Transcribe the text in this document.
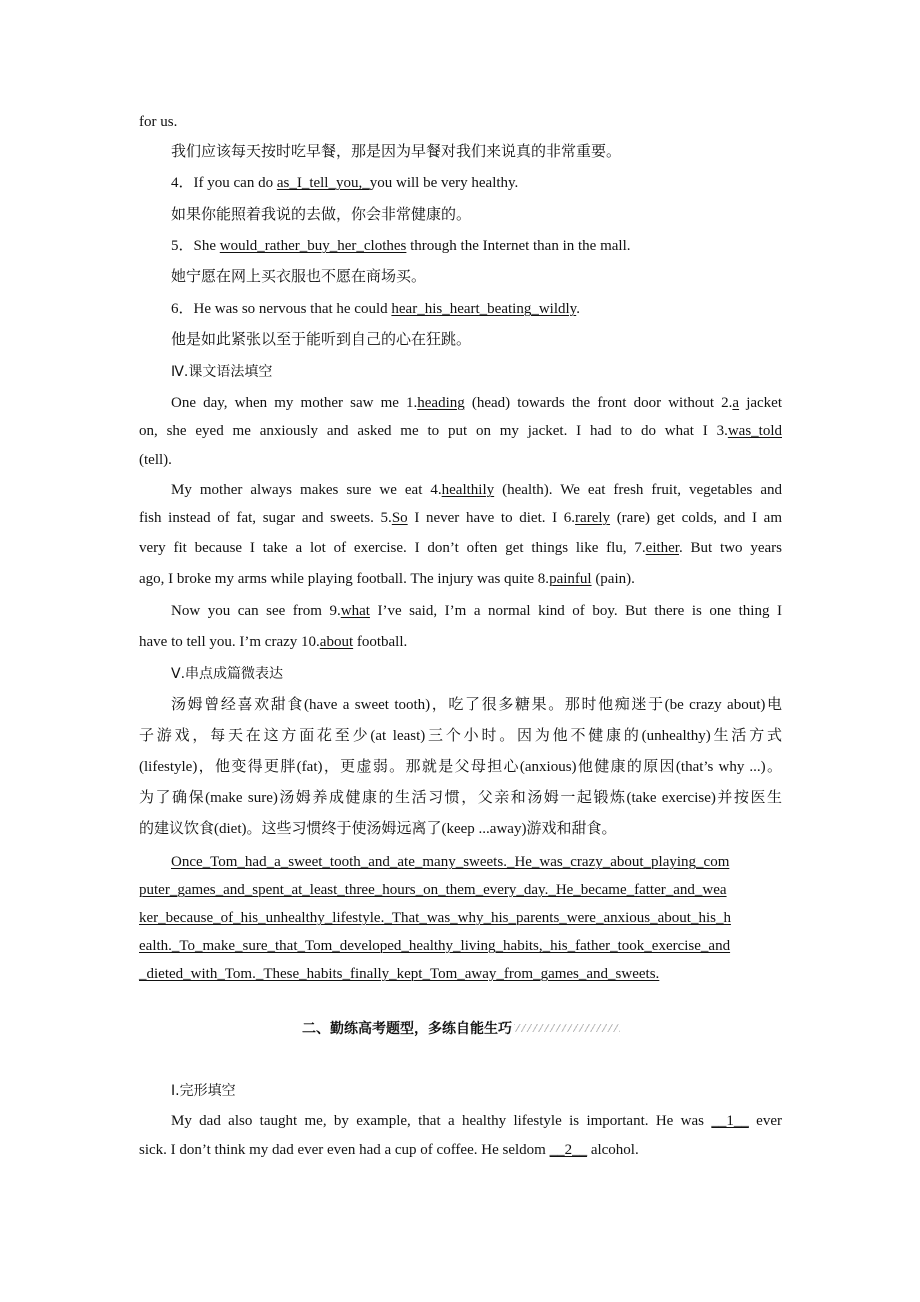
for us.
我们应该每天按时吃早餐，那是因为早餐对我们来说真的非常重要。
4．If you can do as_I_tell_you,_you will be very healthy.
如果你能照着我说的去做，你会非常健康的。
5．She would_rather_buy_her_clothes through the Internet than in the mall.
她宁愿在网上买衣服也不愿在商场买。
6．He was so nervous that he could hear_his_heart_beating_wildly.
他是如此紧张以至于能听到自己的心在狂跳。
Ⅳ.课文语法填空
One day, when my mother saw me 1.heading (head) towards the front door without 2.a jacket
on, she eyed me anxiously and asked me to put on my jacket. I had to do what I 3.was_told
(tell).
My mother always makes sure we eat 4.healthily (health). We eat fresh fruit, vegetables and
fish instead of fat, sugar and sweets. 5.So I never have to diet. I 6.rarely (rare) get colds, and I am
very fit because I take a lot of exercise. I don’t often get things like flu, 7.either. But two years
ago, I broke my arms while playing football. The injury was quite 8.painful (pain).
Now you can see from 9.what I’ve said, I’m a normal kind of boy. But there is one thing I
have to tell you. I’m crazy 10.about football.
Ⅴ.串点成篇微表达
汤姆曾经喜欢甜食(have a sweet tooth)，吃了很多糖果。那时他痴迷于(be crazy about)电
子游戏，每天在这方面花至少(at least)三个小时。因为他不健康的(unhealthy)生活方式
(lifestyle)，他变得更胖(fat)，更虚弱。那就是父母担心(anxious)他健康的原因(that’s why ...)。
为了确保(make sure)汤姆养成健康的生活习惯，父亲和汤姆一起锻炼(take exercise)并按医生
的建议饮食(diet)。这些习惯终于使汤姆远离了(keep ...away)游戏和甜食。
Once_Tom_had_a_sweet_tooth_and_ate_many_sweets._He_was_crazy_about_playing_com
puter_games_and_spent_at_least_three_hours_on_them_every_day._He_became_fatter_and_wea
ker_because_of_his_unhealthy_lifestyle._That_was_why_his_parents_were_anxious_about_his_h
ealth._To_make_sure_that_Tom_developed_healthy_living_habits,_his_father_took_exercise_and
_dieted_with_Tom._These_habits_finally_kept_Tom_away_from_games_and_sweets.
Ⅰ.完形填空
My dad also taught me, by example, that a healthy lifestyle is important. He was __1__ ever
sick. I don’t think my dad ever even had a cup of coffee. He seldom __2__ alcohol.
二、勤练高考题型，多练自能生巧
